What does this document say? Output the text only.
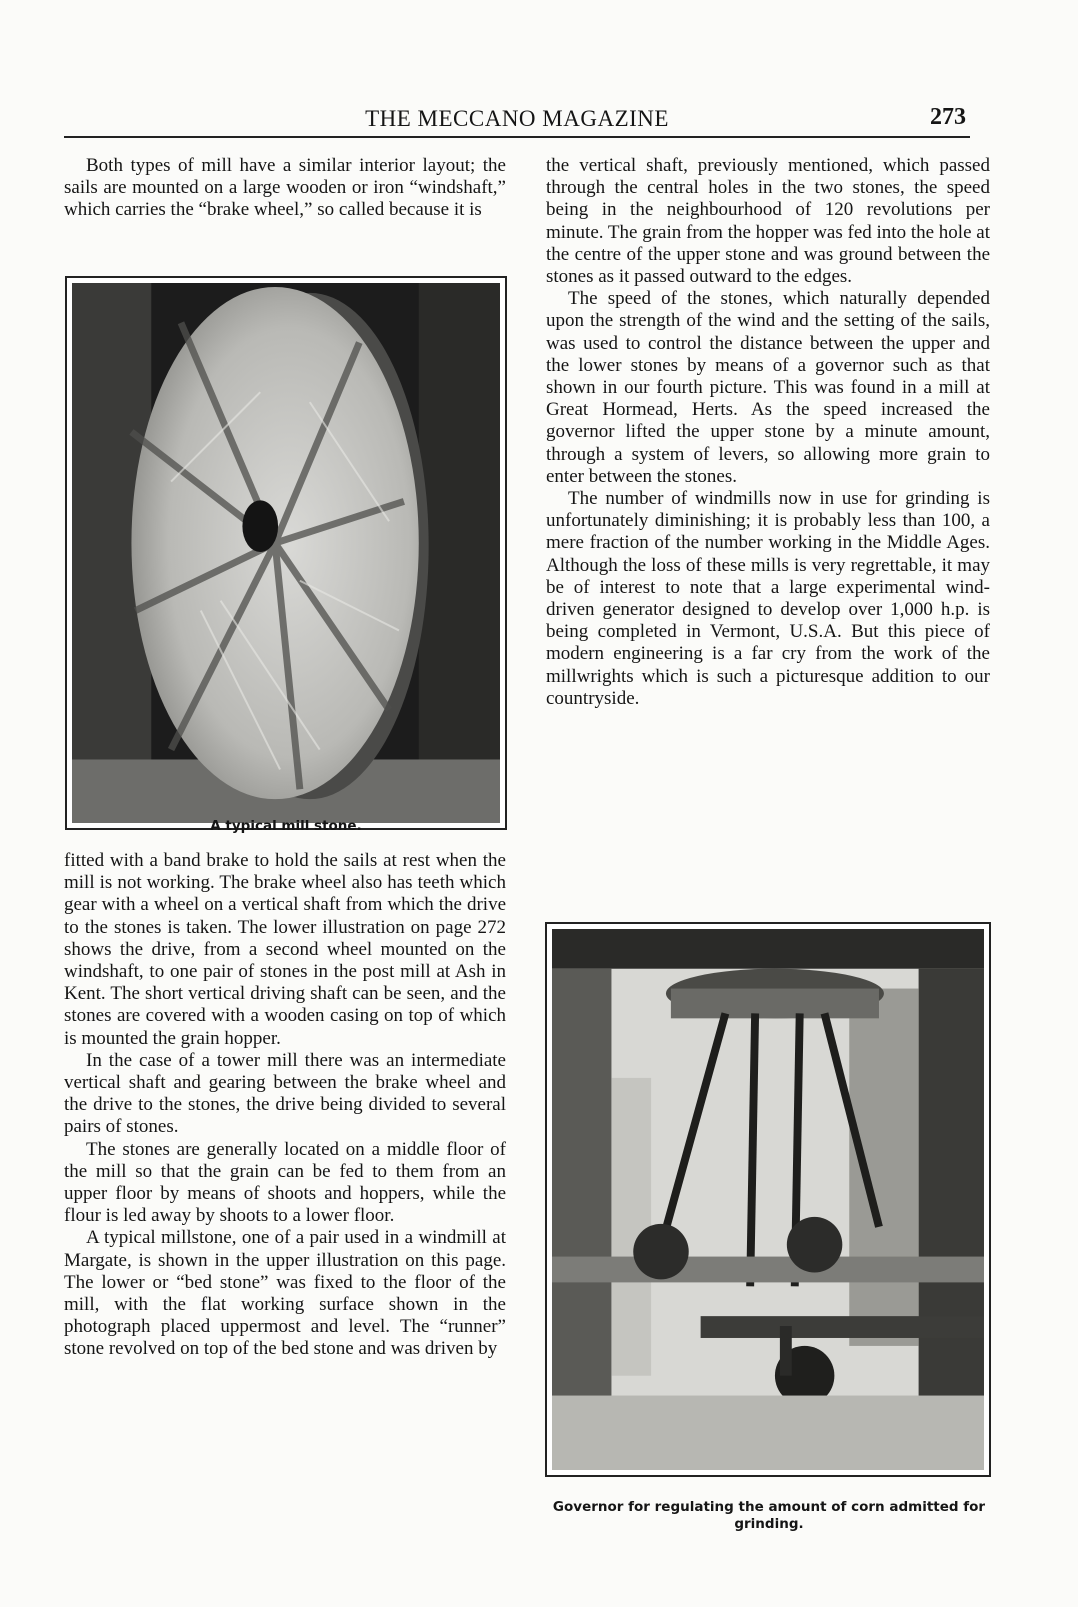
THE MECCANO MAGAZINE	273

Both types of mill have a similar interior layout; the sails are mounted on a large wooden or iron “windshaft,” which carries the “brake wheel,” so called because it is

A typical mill stone.

fitted with a band brake to hold the sails at rest when the mill is not working. The brake wheel also has teeth which gear with a wheel on a vertical shaft from which the drive to the stones is taken. The lower illustration on page 272 shows the drive, from a second wheel mounted on the windshaft, to one pair of stones in the post mill at Ash in Kent. The short vertical driving shaft can be seen, and the stones are covered with a wooden casing on top of which is mounted the grain hopper.

In the case of a tower mill there was an intermediate vertical shaft and gearing between the brake wheel and the drive to the stones, the drive being divided to several pairs of stones.

The stones are generally located on a middle floor of the mill so that the grain can be fed to them from an upper floor by means of shoots and hoppers, while the flour is led away by shoots to a lower floor.

A typical millstone, one of a pair used in a windmill at Margate, is shown in the upper illustration on this page. The lower or “bed stone” was fixed to the floor of the mill, with the flat working surface shown in the photograph placed uppermost and level. The “runner” stone revolved on top of the bed stone and was driven by

the vertical shaft, previously mentioned, which passed through the central holes in the two stones, the speed being in the neighbourhood of 120 revolutions per minute. The grain from the hopper was fed into the hole at the centre of the upper stone and was ground between the stones as it passed outward to the edges.

The speed of the stones, which naturally depended upon the strength of the wind and the setting of the sails, was used to control the distance between the upper and the lower stones by means of a governor such as that shown in our fourth picture. This was found in a mill at Great Hormead, Herts. As the speed increased the governor lifted the upper stone by a minute amount, through a system of levers, so allowing more grain to enter between the stones.

The number of windmills now in use for grinding is unfortunately diminishing; it is probably less than 100, a mere fraction of the number working in the Middle Ages. Although the loss of these mills is very regrettable, it may be of interest to note that a large experimental wind-driven generator designed to develop over 1,000 h.p. is being completed in Vermont, U.S.A. But this piece of modern engineering is a far cry from the work of the millwrights which is such a picturesque addition to our countryside.

Governor for regulating the amount of corn admitted for grinding.
